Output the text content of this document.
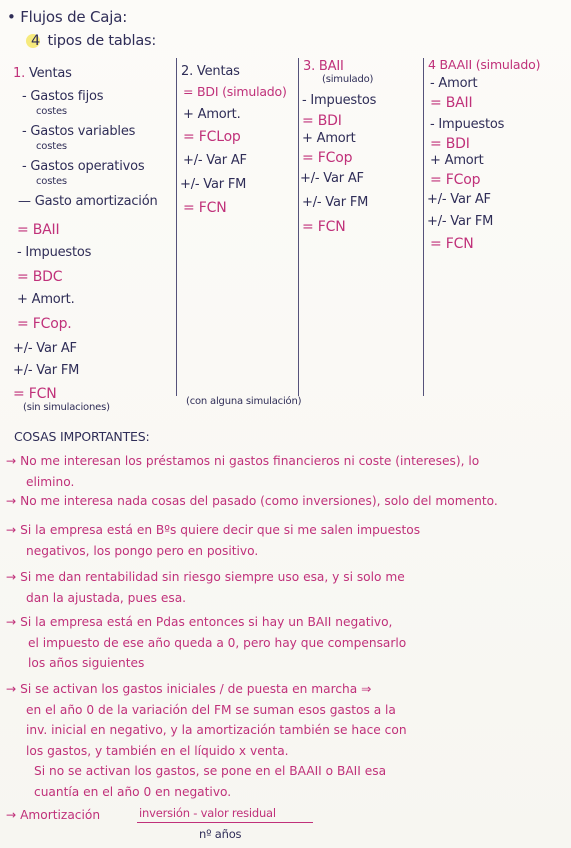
• Flujos de Caja:
4 tipos de tablas:
1. Ventas
- Gastos fijos
costes
- Gastos variables
costes
- Gastos operativos
costes
— Gasto amortización
= BAII
- Impuestos
= BDC
+ Amort.
= FCop.
+/- Var AF
+/- Var FM
= FCN
(sin simulaciones)
2. Ventas
= BDI (simulado)
+ Amort.
= FCLop
+/- Var AF
+/- Var FM
= FCN
(con alguna simulación)
3. BAII
(simulado)
- Impuestos
= BDI
+ Amort
= FCop
+/- Var AF
+/- Var FM
= FCN
4 BAAII (simulado)
- Amort
= BAII
- Impuestos
= BDI
+ Amort
= FCop
+/- Var AF
+/- Var FM
= FCN
COSAS IMPORTANTES:
→ No me interesan los préstamos ni gastos financieros ni coste (intereses), lo
elimino.
→ No me interesa nada cosas del pasado (como inversiones), solo del momento.
→ Si la empresa está en Bºs quiere decir que si me salen impuestos
negativos, los pongo pero en positivo.
→ Si me dan rentabilidad sin riesgo siempre uso esa, y si solo me
dan la ajustada, pues esa.
→ Si la empresa está en Pdas entonces si hay un BAII negativo,
el impuesto de ese año queda a 0, pero hay que compensarlo
los años siguientes
→ Si se activan los gastos iniciales / de puesta en marcha ⇒
en el año 0 de la variación del FM se suman esos gastos a la
inv. inicial en negativo, y la amortización también se hace con
los gastos, y también en el líquido x venta.
Si no se activan los gastos, se pone en el BAAII o BAII esa
cuantía en el año 0 en negativo.
→ Amortización	inversión - valor residual
nº años
